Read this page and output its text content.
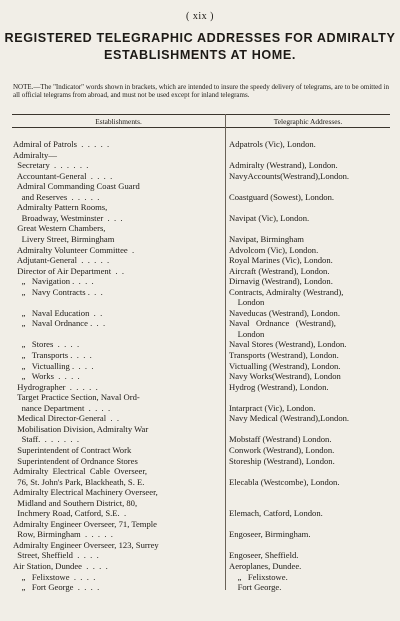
( xix )
REGISTERED TELEGRAPHIC ADDRESSES FOR ADMIRALTY
ESTABLISHMENTS AT HOME.
NOTE.—The "Indicator" words shown in brackets, which are intended to insure the speedy delivery of telegrams, are to be omitted in all official telegrams from abroad, and must not be used except for inland telegrams.
Establishments.	Telegraphic Addresses.
Admiral of Patrols  .  .  .  .  .	Adpatrols (Vic), London.
Admiralty—
Secretary  .  .  .  .  .  .	Admiralty (Westrand), London.
Accountant-General  .  .  .  .	NavyAccounts(Westrand),London.
Admiral Commanding Coast Guard
and Reserves  .  .  .  .  .	Coastguard (Sowest), London.
Admiralty Pattern Rooms,
Broadway, Westminster  .  .  .	Navipat (Vic), London.
Great Western Chambers,
Livery Street, Birmingham	Navipat, Birmingham
Admiralty Volunteer Committee  .	Advolcom (Vic), London.
Adjutant-General  .  .  .  .  .	Royal Marines (Vic), London.
Director of Air Department  .  .	Aircraft (Westrand), London.
„   Navigation .  .  .  .	Dirnavig (Westrand), London.
„   Navy Contracts .  .  .	Contracts, Admiralty (Westrand),
London
„   Naval Education  .  .	Naveducas (Westrand), London.
„   Naval Ordnance .  .  .	Naval   Ordnance   (Westrand),
London
„   Stores  .  .  .  .	Naval Stores (Westrand), London.
„   Transports .  .  .  .	Transports (Westrand), London.
„   Victualling .  .  .  .	Victualling (Westrand), London.
„   Works  .  .  .  .	Navy Works(Westrand), London
Hydrographer  .  .  .  .  .	Hydrog (Westrand), London.
Target Practice Section, Naval Ord-
nance Department  .  .  .  .	Intarpract (Vic), London.
Medical Director-General  .  .	Navy Medical (Westrand),London.
Mobilisation Division, Admiralty War
Staff.  .  .  .  .  .  .	Mobstaff (Westrand) London.
Superintendent of Contract Work	Conwork (Westrand), London.
Superintendent of Ordnance Stores	Storeship (Westrand), London.
Admiralty  Electrical  Cable  Overseer,
76, St. John's Park, Blackheath, S. E.	Elecabla (Westcombe), London.
Admiralty Electrical Machinery Overseer,
Midland and Southern District, 80,
Inchmery Road, Catford, S.E.  .	Elemach, Catford, London.
Admiralty Engineer Overseer, 71, Temple
Row, Birmingham  .  .  .  .  .	Engoseer, Birmingham.
Admiralty Engineer Overseer, 123, Surrey
Street, Sheffield  .  .  .  .	Engoseer, Sheffield.
Air Station, Dundee  .  .  .  .	Aeroplanes, Dundee.
„   Felixstowe  .  .  .  .	„   Felixstowe.
„   Fort George  .  .  .  .	Fort George.
